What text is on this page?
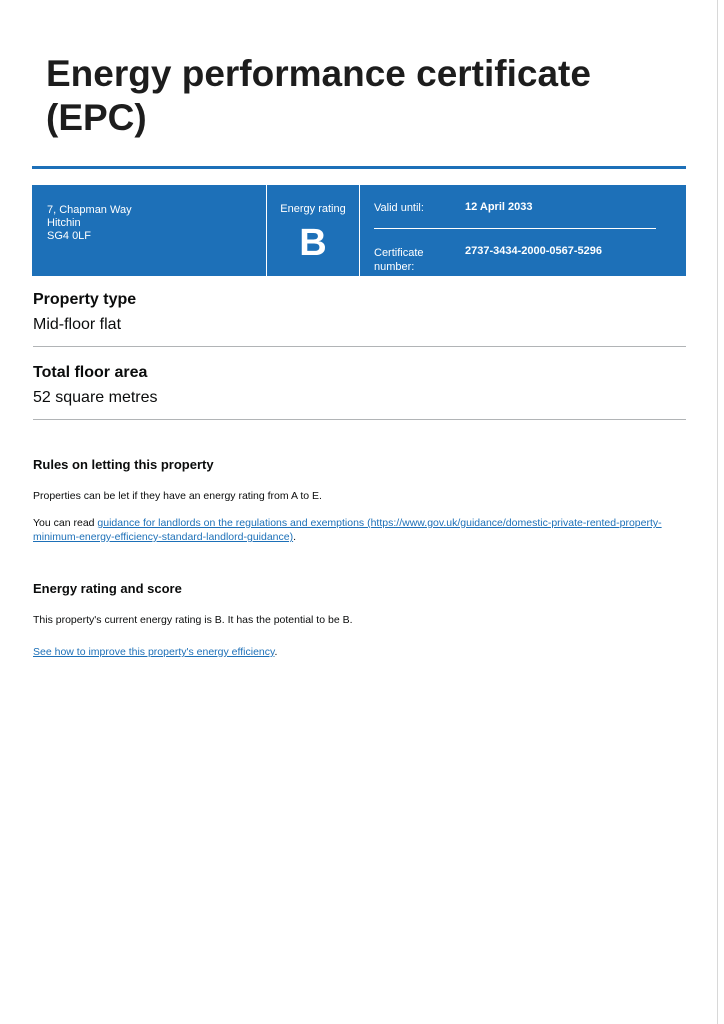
Energy performance certificate (EPC)
7, Chapman Way
Hitchin
SG4 0LF
Energy rating
B
Valid until:	12 April 2033
Certificate number:
2737-3434-2000-0567-5296
Property type

Mid-floor flat

Total floor area

52 square metres

Rules on letting this property

Properties can be let if they have an energy rating from A to E.

You can read guidance for landlords on the regulations and exemptions (https://www.gov.uk/guidance/domestic-private-rented-property-minimum-energy-efficiency-standard-landlord-guidance).

Energy rating and score

This property's current energy rating is B. It has the potential to be B.

See how to improve this property's energy efficiency.
